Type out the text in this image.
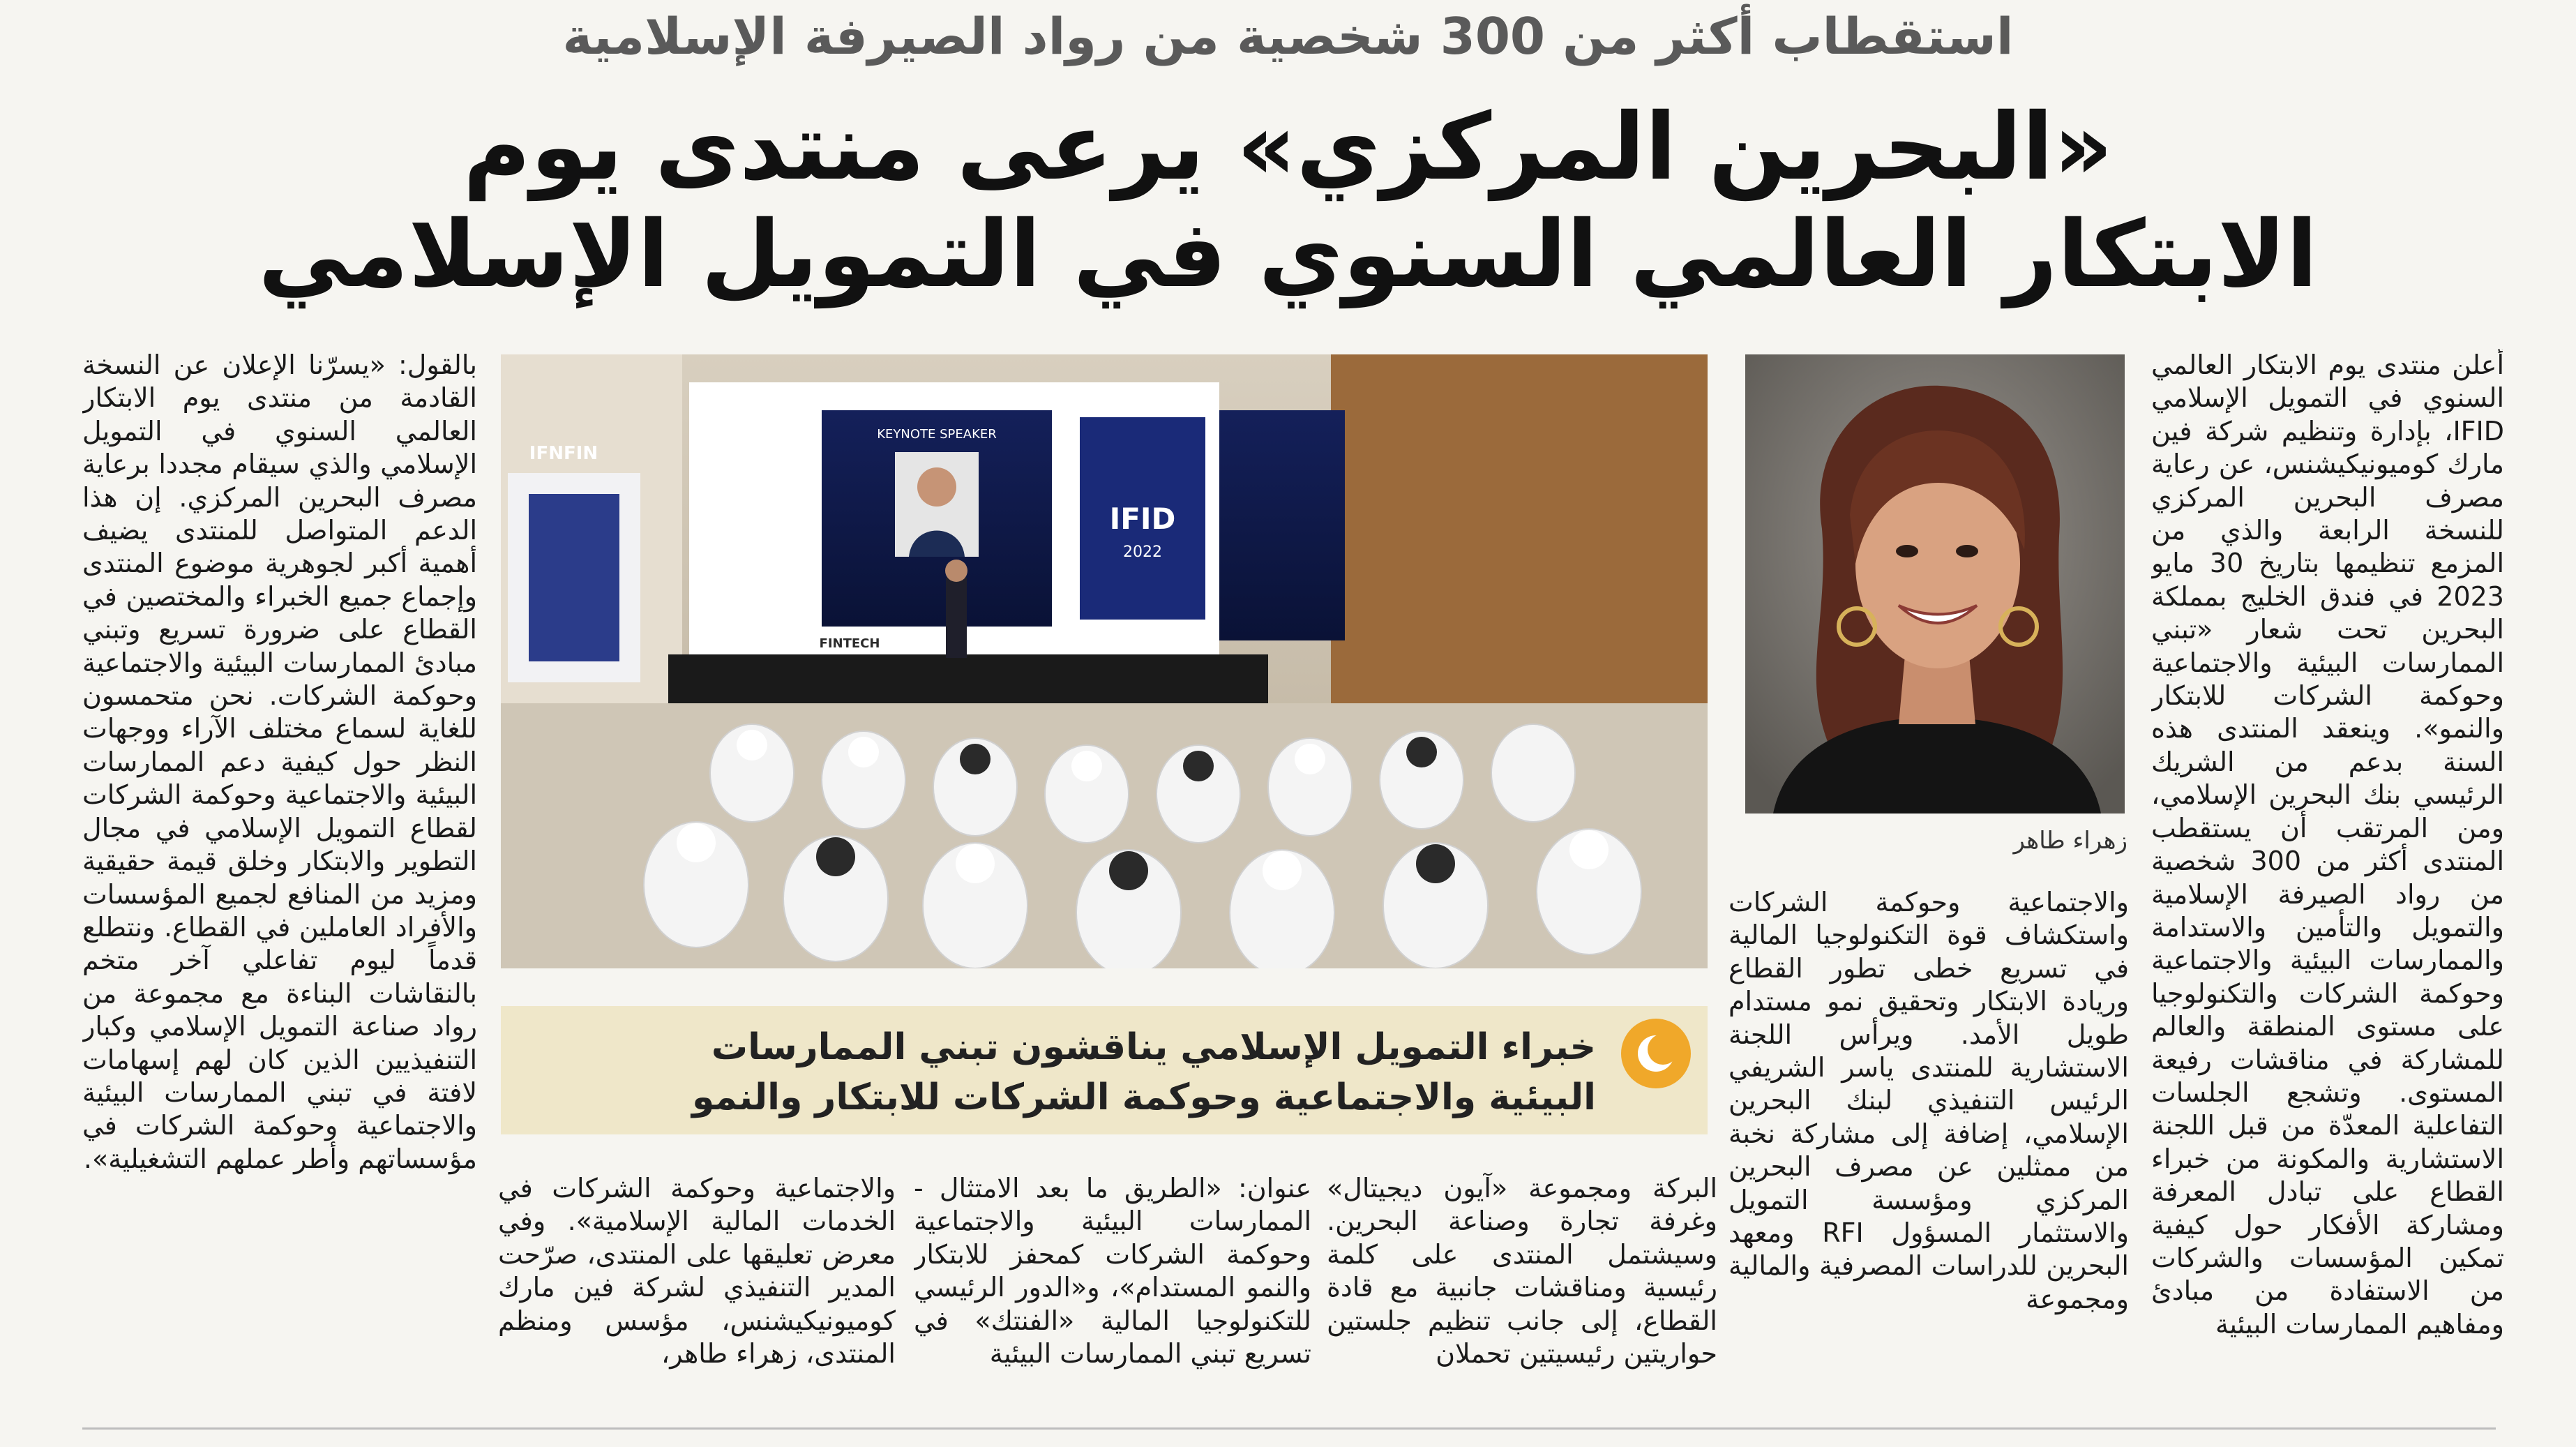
استقطاب أكثر من 300 شخصية من رواد الصيرفة الإسلامية
«البحرين المركزي» يرعى منتدى يوم
الابتكار العالمي السنوي في التمويل الإسلامي

أعلن منتدى يوم الابتكار العالمي السنوي في التمويل الإسلامي IFID، بإدارة وتنظيم شركة فين مارك كوميونيكيشنس، عن رعاية مصرف البحرين المركزي للنسخة الرابعة والذي من المزمع تنظيمها بتاريخ 30 مايو 2023 في فندق الخليج بمملكة البحرين تحت شعار «تبني الممارسات البيئية والاجتماعية وحوكمة الشركات للابتكار والنمو». وينعقد المنتدى هذه السنة بدعم من الشريك الرئيسي بنك البحرين الإسلامي، ومن المرتقب أن يستقطب المنتدى أكثر من 300 شخصية من رواد الصيرفة الإسلامية والتمويل والتأمين والاستدامة والممارسات البيئية والاجتماعية وحوكمة الشركات والتكنولوجيا على مستوى المنطقة والعالم للمشاركة في مناقشات رفيعة المستوى. وتشجع الجلسات التفاعلية المعدّة من قبل اللجنة الاستشارية والمكونة من خبراء القطاع على تبادل المعرفة ومشاركة الأفكار حول كيفية تمكين المؤسسات والشركات من الاستفادة من مبادئ ومفاهيم الممارسات البيئية

زهراء طاهر

والاجتماعية وحوكمة الشركات واستكشاف قوة التكنولوجيا المالية في تسريع خطى تطور القطاع وريادة الابتكار وتحقيق نمو مستدام طويل الأمد. ويرأس اللجنة الاستشارية للمنتدى ياسر الشريفي الرئيس التنفيذي لبنك البحرين الإسلامي، إضافة إلى مشاركة نخبة من ممثلين عن مصرف البحرين المركزي ومؤسسة التمويل والاستثمار المسؤول RFI ومعهد البحرين للدراسات المصرفية والمالية ومجموعة

KEYNOTE SPEAKER
IFID
2022
IFNFIN
FINTECH
خبراء التمويل الإسلامي يناقشون تبني الممارسات
البيئية والاجتماعية وحوكمة الشركات للابتكار والنمو

البركة ومجموعة «آيون ديجيتال» وغرفة تجارة وصناعة البحرين. وسيشتمل المنتدى على كلمة رئيسية ومناقشات جانبية مع قادة القطاع، إلى جانب تنظيم جلستين حواريتين رئيسيتين تحملان

عنوان: «الطريق ما بعد الامتثال - الممارسات البيئية والاجتماعية وحوكمة الشركات كمحفز للابتكار والنمو المستدام»، و«الدور الرئيسي للتكنولوجيا المالية «الفنتك» في تسريع تبني الممارسات البيئية

والاجتماعية وحوكمة الشركات في الخدمات المالية الإسلامية». وفي معرض تعليقها على المنتدى، صرّحت المدير التنفيذي لشركة فين مارك كوميونيكيشنس، مؤسس ومنظم المنتدى، زهراء طاهر،

بالقول: «يسرّنا الإعلان عن النسخة القادمة من منتدى يوم الابتكار العالمي السنوي في التمويل الإسلامي والذي سيقام مجددا برعاية مصرف البحرين المركزي. إن هذا الدعم المتواصل للمنتدى يضيف أهمية أكبر لجوهرية موضوع المنتدى وإجماع جميع الخبراء والمختصين في القطاع على ضرورة تسريع وتبني مبادئ الممارسات البيئية والاجتماعية وحوكمة الشركات. نحن متحمسون للغاية لسماع مختلف الآراء ووجهات النظر حول كيفية دعم الممارسات البيئية والاجتماعية وحوكمة الشركات لقطاع التمويل الإسلامي في مجال التطوير والابتكار وخلق قيمة حقيقية ومزيد من المنافع لجميع المؤسسات والأفراد العاملين في القطاع. ونتطلع قدماً ليوم تفاعلي آخر متخم بالنقاشات البناءة مع مجموعة من رواد صناعة التمويل الإسلامي وكبار التنفيذيين الذين كان لهم إسهامات لافتة في تبني الممارسات البيئية والاجتماعية وحوكمة الشركات في مؤسساتهم وأطر عملهم التشغيلية».
